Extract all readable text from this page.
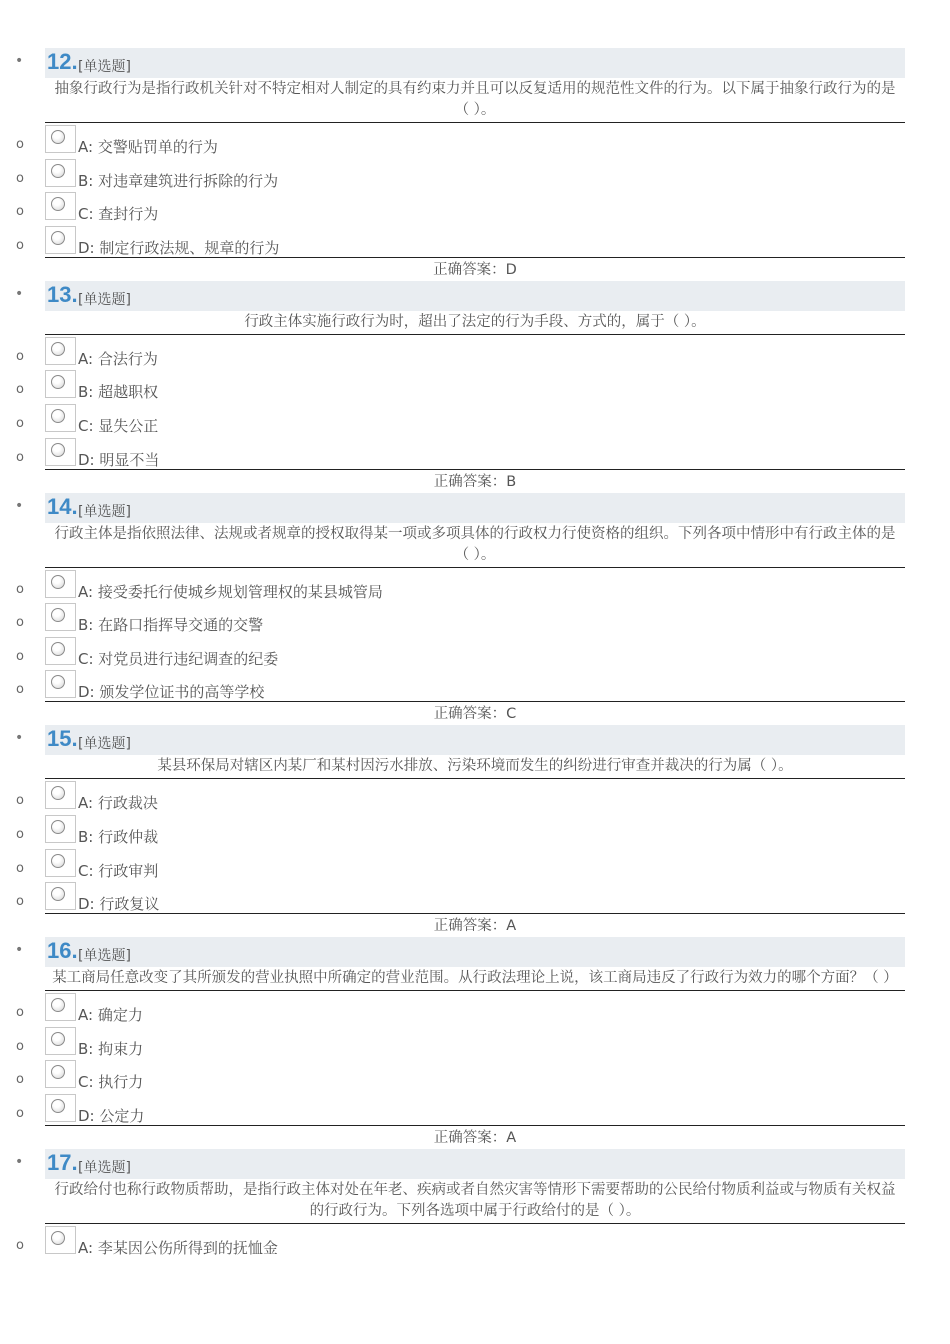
• 12. [单选题]
抽象行政行为是指行政机关针对不特定相对人制定的具有约束力并且可以反复适用的规范性文件的行为。以下属于抽象行政行为的是（ ）。
o	A: 交警贴罚单的行为
o	B: 对违章建筑进行拆除的行为
o	C: 查封行为
o	D: 制定行政法规、规章的行为
正确答案：D
• 13. [单选题]
行政主体实施行政行为时，超出了法定的行为手段、方式的，属于（ ）。
o	A: 合法行为
o	B: 超越职权
o	C: 显失公正
o	D: 明显不当
正确答案：B
• 14. [单选题]
行政主体是指依照法律、法规或者规章的授权取得某一项或多项具体的行政权力行使资格的组织。下列各项中情形中有行政主体的是（ ）。
o	A: 接受委托行使城乡规划管理权的某县城管局
o	B: 在路口指挥导交通的交警
o	C: 对党员进行违纪调查的纪委
o	D: 颁发学位证书的高等学校
正确答案：C
• 15. [单选题]
某县环保局对辖区内某厂和某村因污水排放、污染环境而发生的纠纷进行审查并裁决的行为属（ ）。
o	A: 行政裁决
o	B: 行政仲裁
o	C: 行政审判
o	D: 行政复议
正确答案：A
• 16. [单选题]
某工商局任意改变了其所颁发的营业执照中所确定的营业范围。从行政法理论上说，该工商局违反了行政行为效力的哪个方面？（ ）
o	A: 确定力
o	B: 拘束力
o	C: 执行力
o	D: 公定力
正确答案：A
• 17. [单选题]
行政给付也称行政物质帮助，是指行政主体对处在年老、疾病或者自然灾害等情形下需要帮助的公民给付物质利益或与物质有关权益的行政行为。下列各选项中属于行政给付的是（ ）。
o	A: 李某因公伤所得到的抚恤金
